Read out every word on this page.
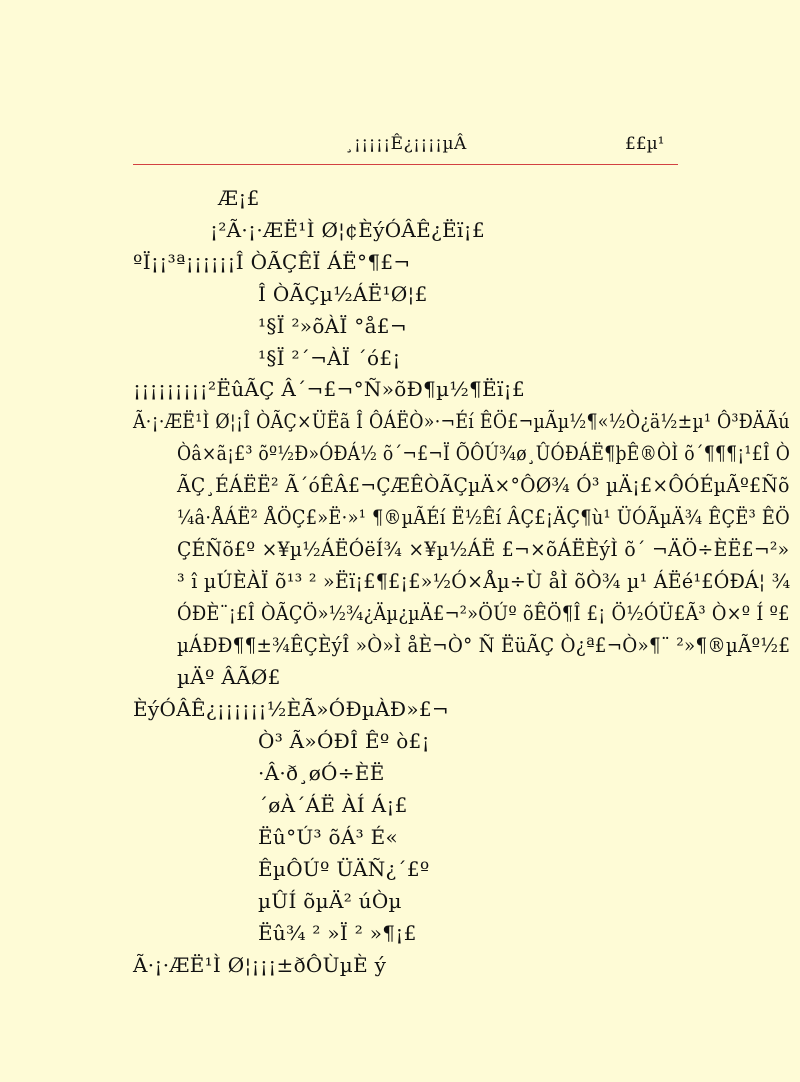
¸¡¡¡¡¡Ê¿¡¡¡¡µÂ	££µ¹
Æ¡£
¡²Ã·¡·ÆË¹Ì Ø¦¢ÈýÓÂÊ¿Ëï¡£
ºÏ¡¡³ª¡¡¡¡¡¡Î ÒÃÇÊÏ ÁË°¶£¬
Î ÒÃÇµ½ÁË¹Ø¦£
¹§Ï ²»õÀÏ °å£¬
¹§Ï ²´¬ÀÏ ´ó£¡
¡¡¡¡¡¡¡¡¡²ËûÃÇ Â´¬£¬°Ñ»õÐ¶µ½¶Ëï¡£
Ã·¡·ÆË¹Ì Ø¦¡Î ÒÃÇ×ÜËã Î ÔÁËÒ»·¬Éí ÊÖ£¬µÃµ½¶«½Ò¿ä½±µ¹ Ô³ÐÄÃú
Òâ×ã¡£³ õº½Ð»ÓÐÁ½ õ´¬£¬Ï ÕÔÚ¾ø¸ÛÓÐÁË¶þÊ®ÒÌ õ´¶¶¶¡¹£Î Ò
ÃÇ¸ÉÁËË² Ã´óÊÂ£¬ÇÆÊÒÃÇµÄ×°ÔØ¾ Ó³ µÄ¡£×ÔÓÉµÃº£Ñõ
¼â·ÅÁË² ÅÖÇ£»Ë·»¹ ¶®µÃÉí Ë½Êí ÂÇ£¡ÄÇ¶ù¹ ÜÓÃµÄ¾ ÊÇË³ ÊÖ
ÇÉÑõ£º ×¥µ½ÁËÓëÍ¾ ×¥µ½ÁË £¬×õÁËÈýÌ õ´ ¬ÄÖ÷ÈË£¬²»
³ î µÚÈÀÏ õ¹³ ² »Ëï¡£¶£¡£»½Ó×Åµ÷Ù åÌ õÒ¾ µ¹ ÁËé¹£ÓÐÁ¦ ¾
ÓÐÈ¨¡£Î ÒÃÇÖ»½¾¿Äµ¿µÄ£¬²»ÖÚº õÊÖ¶Î £¡ Ö½ÓÜ£Ã³ Ò×º Í º£
µÁÐÐ¶¶±¾ÊÇÈýÎ »Ò»Ì åÈ¬Ò° Ñ ËüÃÇ Ò¿ª£¬Ò»¶¨ ²»¶®µÃº½£
µÄº ÂÃØ£
ÈýÓÂÊ¿¡¡¡¡¡¡½ÈÃ»ÓÐµÀÐ»£¬
Ò³ Ã»ÓÐÎ Êº ò£¡
·Â·ð¸øÓ÷ÈË
´øÀ´ÁË ÀÍ Á¡£
Ëû°Ú³ õÁ³ É«
ÊµÔÚº ÜÄÑ¿´£º
µÛÍ õµÄ² úÒµ
Ëû¾ ² »Ï ² »¶¡£
Ã·¡·ÆË¹Ì Ø¦¡¡¡±ðÔÙµÈ ý
